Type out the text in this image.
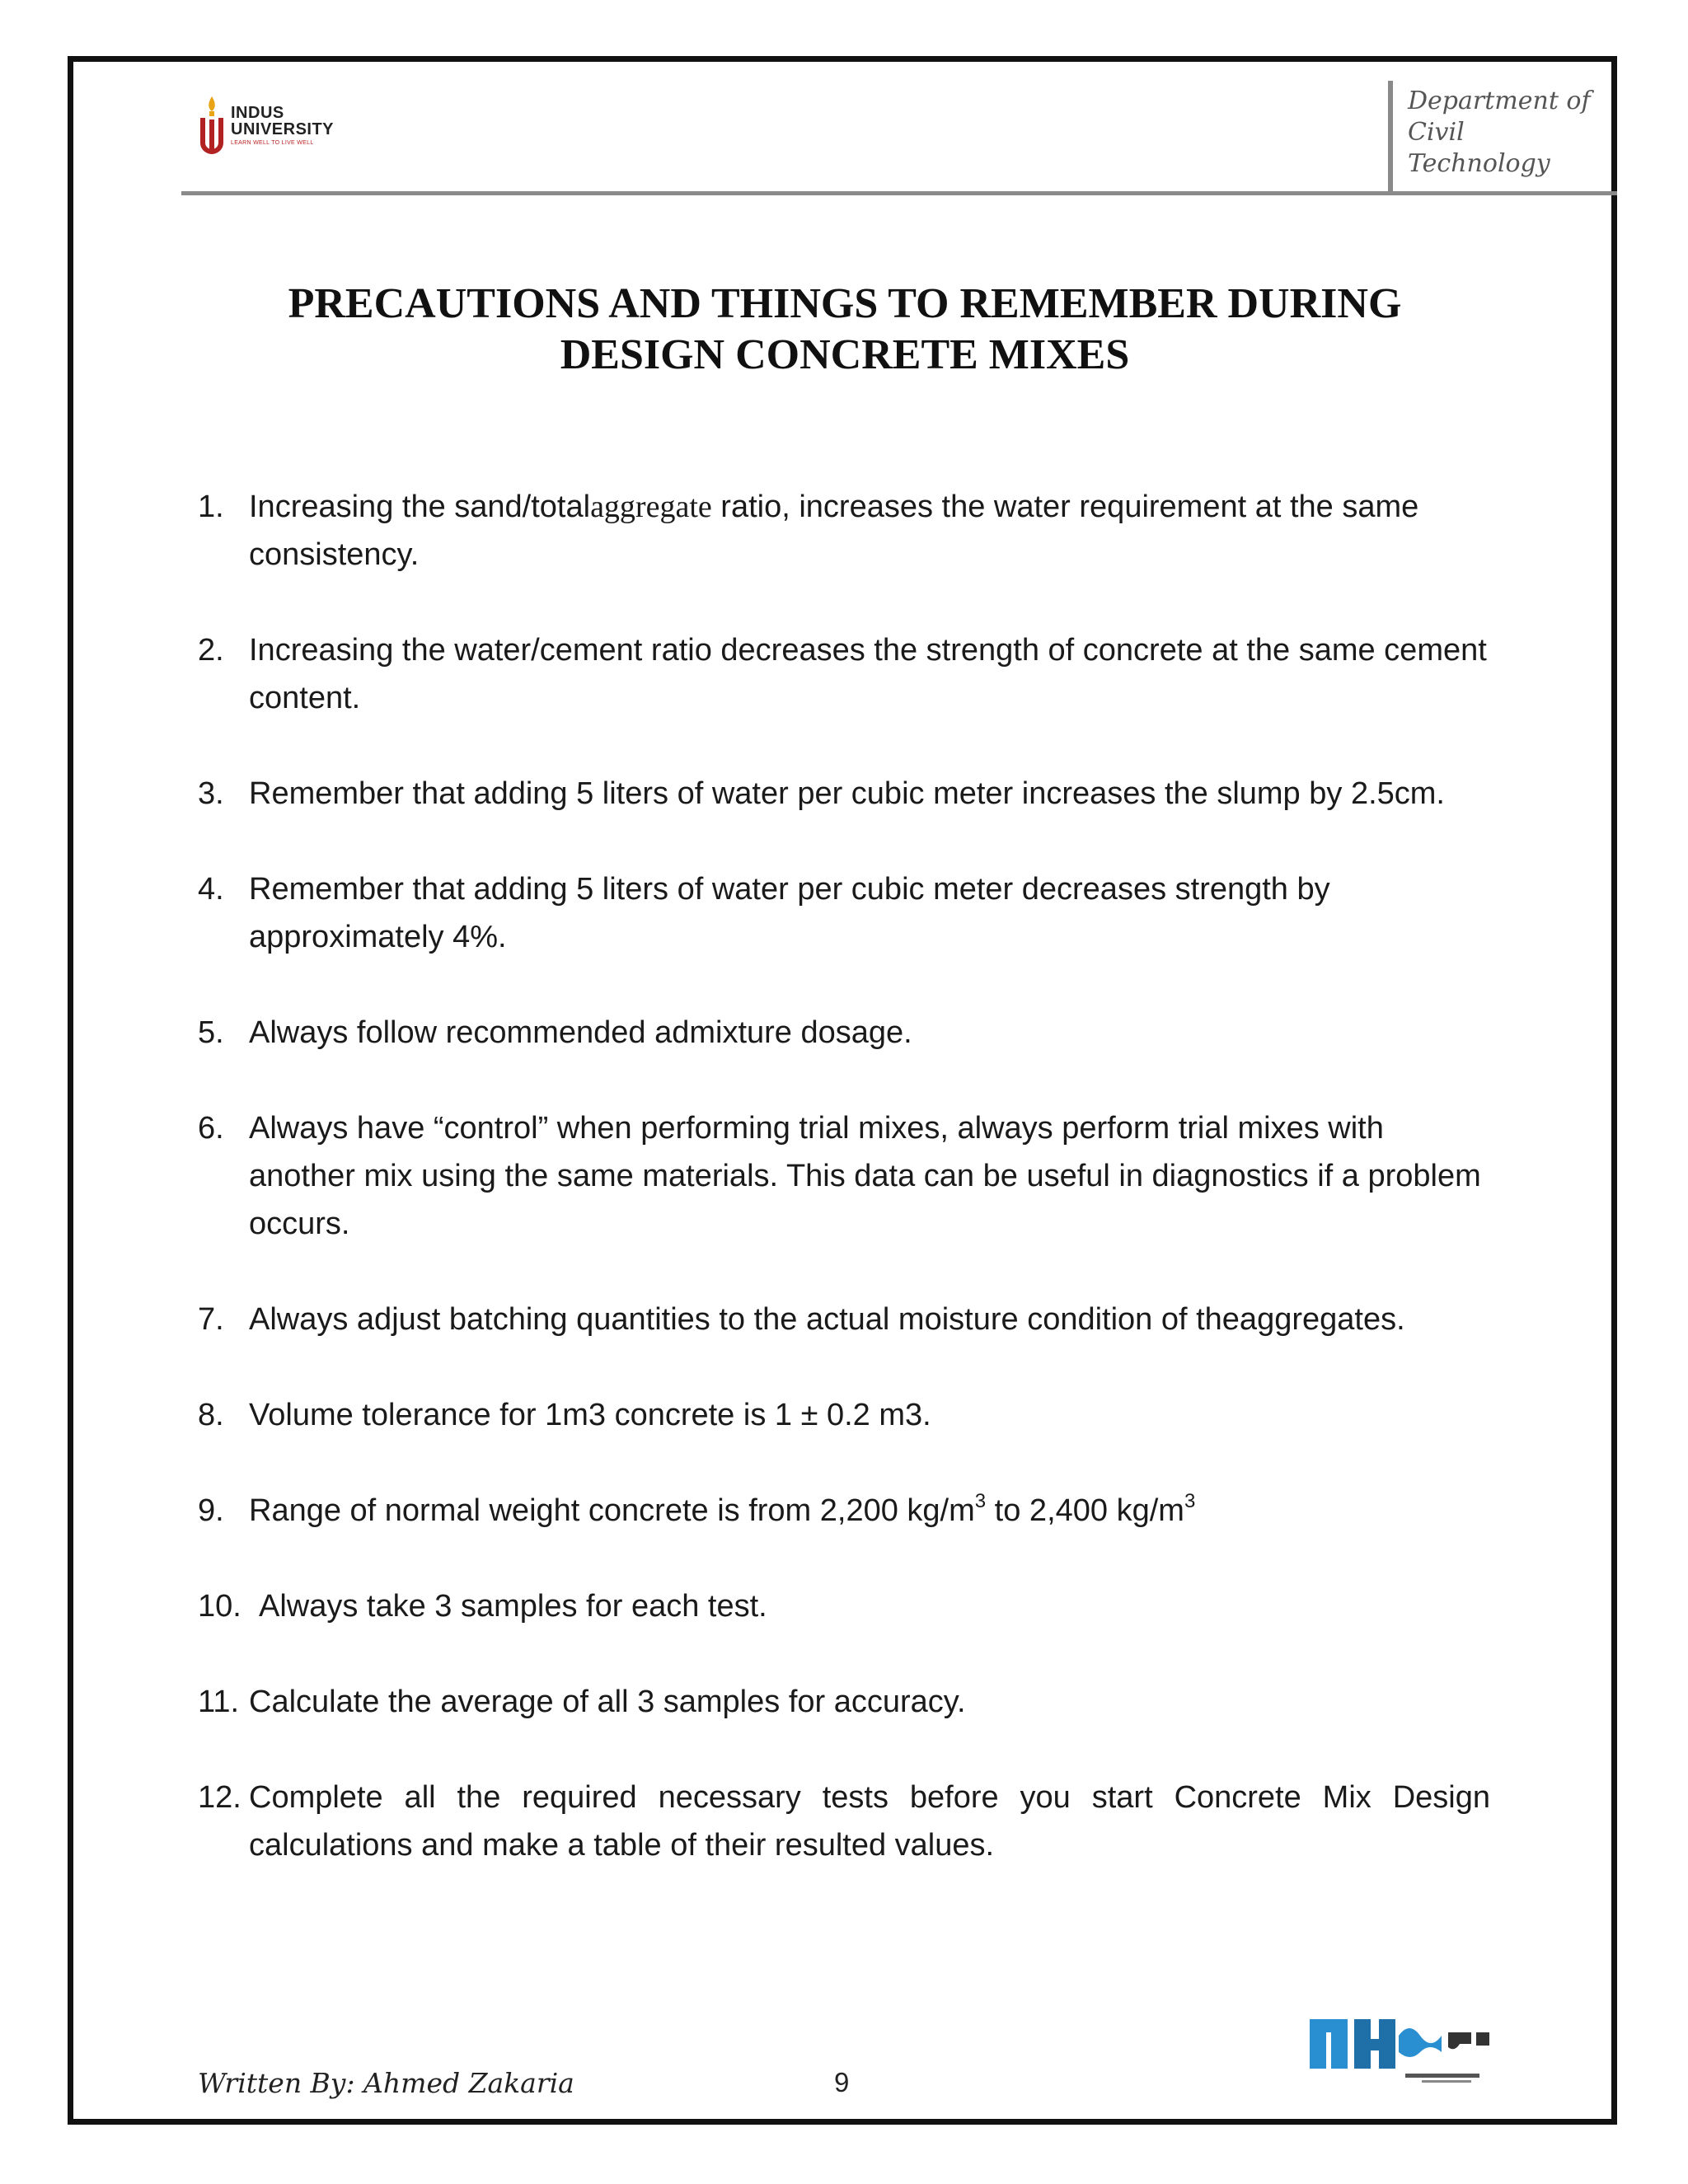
INDUS
UNIVERSITY
LEARN WELL TO LIVE WELL
Department of
Civil
Technology
PRECAUTIONS AND THINGS TO REMEMBER DURING
DESIGN CONCRETE MIXES
1. Increasing the sand/totalaggregate ratio, increases the water requirement at the same consistency.
2. Increasing the water/cement ratio decreases the strength of concrete at the same cement content.
3. Remember that adding 5 liters of water per cubic meter increases the slump by 2.5cm.
4. Remember that adding 5 liters of water per cubic meter decreases strength by approximately 4%.
5. Always follow recommended admixture dosage.
6. Always have “control” when performing trial mixes, always perform trial mixes with another mix using the same materials. This data can be useful in diagnostics if a problem occurs.
7. Always adjust batching quantities to the actual moisture condition of theaggregates.
8. Volume tolerance for 1m3 concrete is 1 ± 0.2 m3.
9. Range of normal weight concrete is from 2,200 $kg/m^3$ to 2,400 $kg/m^3$
10. Always take 3 samples for each test.
11. Calculate the average of all 3 samples for accuracy.
12. Complete all the required necessary tests before you start Concrete Mix Design calculations and make a table of their resulted values.
Written By: Ahmed Zakaria	9
